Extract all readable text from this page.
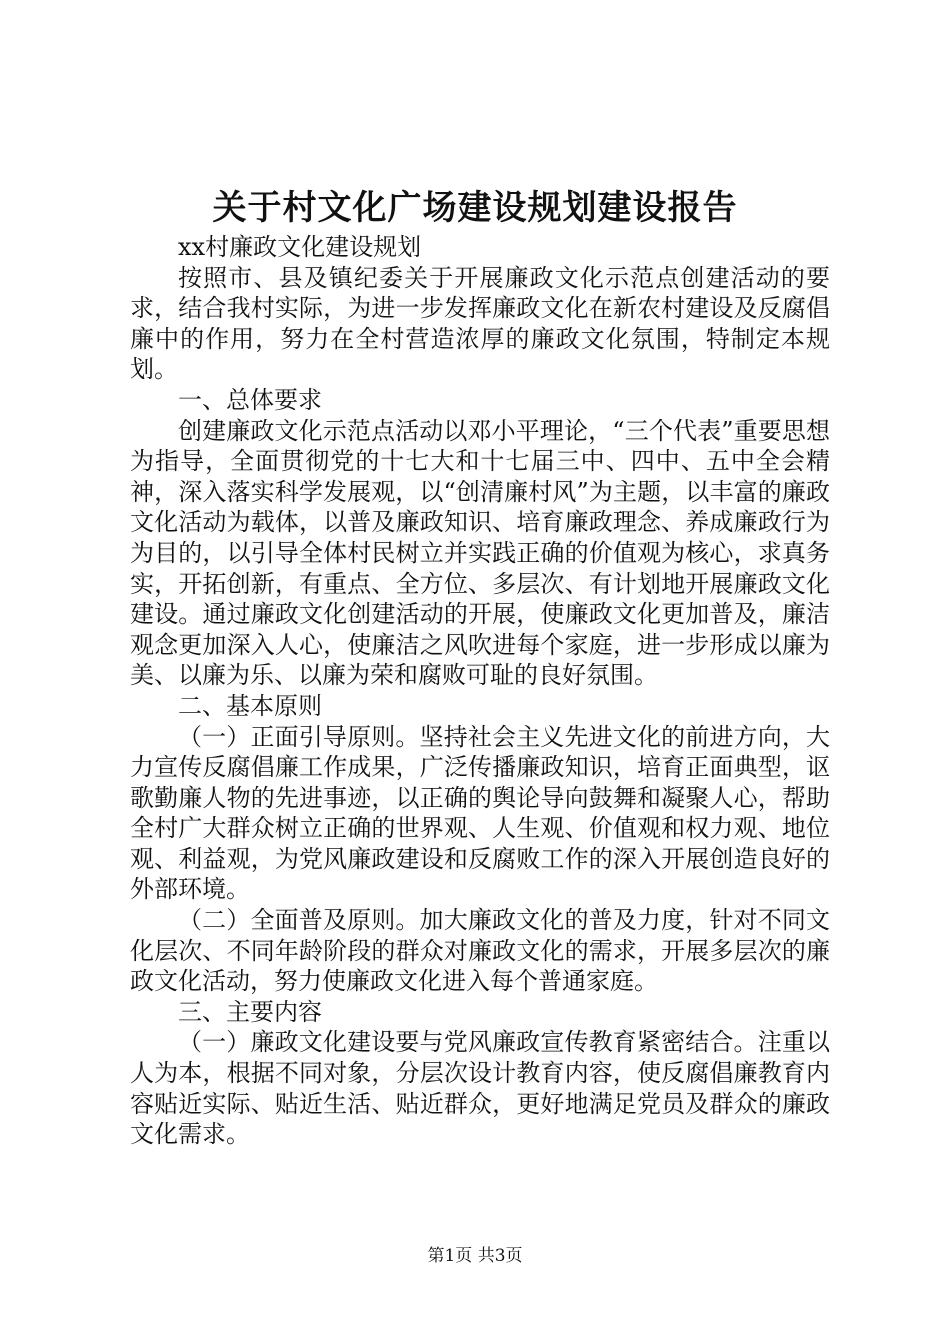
关于村文化广场建设规划建设报告

xx村廉政文化建设规划

按照市、县及镇纪委关于开展廉政文化示范点创建活动的要求，结合我村实际，为进一步发挥廉政文化在新农村建设及反腐倡廉中的作用，努力在全村营造浓厚的廉政文化氛围，特制定本规划。

一、总体要求

创建廉政文化示范点活动以邓小平理论，“三个代表”重要思想为指导，全面贯彻党的十七大和十七届三中、四中、五中全会精神，深入落实科学发展观，以“创清廉村风”为主题，以丰富的廉政文化活动为载体，以普及廉政知识、培育廉政理念、养成廉政行为为目的，以引导全体村民树立并实践正确的价值观为核心，求真务实，开拓创新，有重点、全方位、多层次、有计划地开展廉政文化建设。通过廉政文化创建活动的开展，使廉政文化更加普及，廉洁观念更加深入人心，使廉洁之风吹进每个家庭，进一步形成以廉为美、以廉为乐、以廉为荣和腐败可耻的良好氛围。

二、基本原则

（一）正面引导原则。坚持社会主义先进文化的前进方向，大力宣传反腐倡廉工作成果，广泛传播廉政知识，培育正面典型，讴歌勤廉人物的先进事迹，以正确的舆论导向鼓舞和凝聚人心，帮助全村广大群众树立正确的世界观、人生观、价值观和权力观、地位观、利益观，为党风廉政建设和反腐败工作的深入开展创造良好的外部环境。

（二）全面普及原则。加大廉政文化的普及力度，针对不同文化层次、不同年龄阶段的群众对廉政文化的需求，开展多层次的廉政文化活动，努力使廉政文化进入每个普通家庭。

三、主要内容

（一）廉政文化建设要与党风廉政宣传教育紧密结合。注重以人为本，根据不同对象，分层次设计教育内容，使反腐倡廉教育内容贴近实际、贴近生活、贴近群众，更好地满足党员及群众的廉政文化需求。

第1页 共3页
